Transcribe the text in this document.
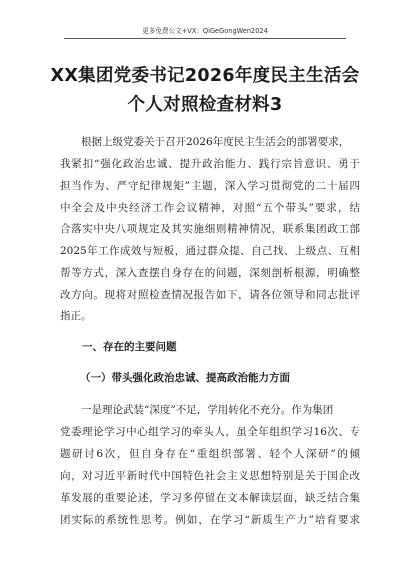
更多免费公文+VX：QiGeGongWen2024
XX集团党委书记2026年度民主生活会
个人对照检查材料3
根据上级党委关于召开2026年度民主生活会的部署要求，
我紧扣“强化政治忠诚、提升政治能力、践行宗旨意识、勇于
担当作为、严守纪律规矩”主题，深入学习贯彻党的二十届四
中全会及中央经济工作会议精神，对照“五个带头”要求，结
合落实中央八项规定及其实施细则精神情况，联系集团政工部
2025年工作成效与短板，通过群众提、自己找、上级点、互相
帮等方式，深入查摆自身存在的问题，深刻剖析根源，明确整
改方向。现将对照检查情况报告如下，请各位领导和同志批评
指正。
一、存在的主要问题
（一）带头强化政治忠诚、提高政治能力方面
一是理论武装“深度”不足，学用转化不充分。作为集团
党委理论学习中心组学习的牵头人，虽全年组织学习16次、专
题研讨6次，但自身存在“重组织部署、轻个人深研”的倾
向，对习近平新时代中国特色社会主义思想特别是关于国企改
革发展的重要论述，学习多停留在文本解读层面，缺乏结合集
团实际的系统性思考。例如，在学习“新质生产力”培育要求
